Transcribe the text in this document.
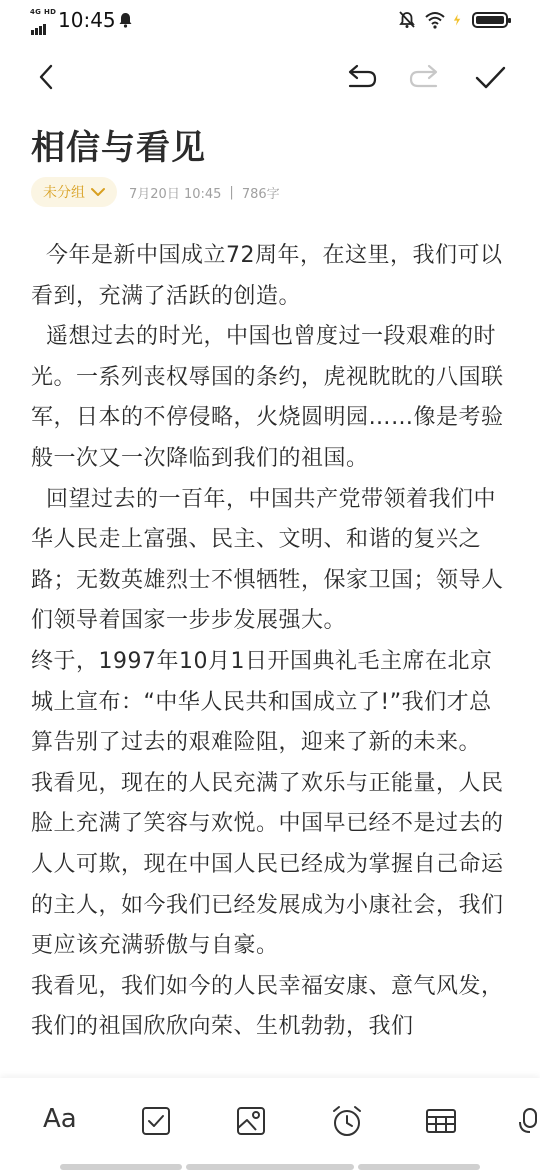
4G HD 10:45
相信与看见
未分组	7月20日 10:45 | 786字

今年是新中国成立72周年，在这里，我们可以看到，充满了活跃的创造。

遥想过去的时光，中国也曾度过一段艰难的时光。一系列丧权辱国的条约，虎视眈眈的八国联军，日本的不停侵略，火烧圆明园……像是考验般一次又一次降临到我们的祖国。

回望过去的一百年，中国共产党带领着我们中华人民走上富强、民主、文明、和谐的复兴之路；无数英雄烈士不惧牺牲，保家卫国；领导人们领导着国家一步步发展强大。

终于，1997年10月1日开国典礼毛主席在北京城上宣布：“中华人民共和国成立了!”我们才总算告别了过去的艰难险阻，迎来了新的未来。

我看见，现在的人民充满了欢乐与正能量，人民脸上充满了笑容与欢悦。中国早已经不是过去的人人可欺，现在中国人民已经成为掌握自己命运的主人，如今我们已经发展成为小康社会，我们更应该充满骄傲与自豪。

我看见，我们如今的人民幸福安康、意气风发，我们的祖国欣欣向荣、生机勃勃，我们

Aa
